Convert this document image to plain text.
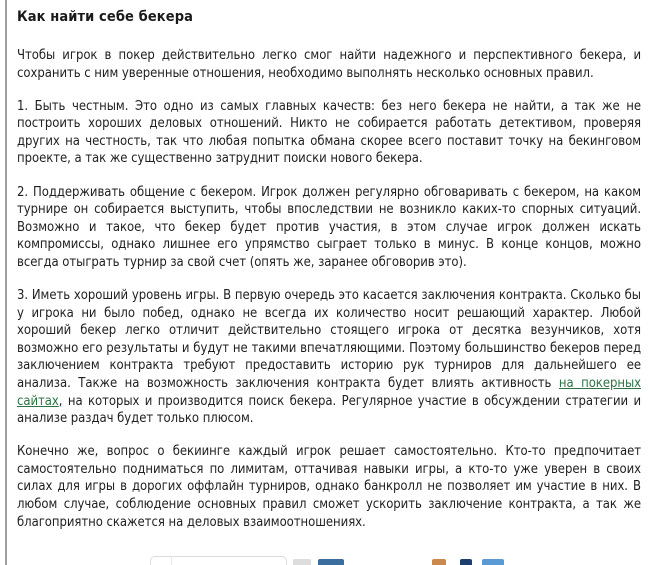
Как найти себе бекера

Чтобы игрок в покер действительно легко смог найти надежного и перспективного бекера, и сохранить с ним уверенные отношения, необходимо выполнять несколько основных правил.

1. Быть честным. Это одно из самых главных качеств: без него бекера не найти, а так же не построить хороших деловых отношений. Никто не собирается работать детективом, проверяя других на честность, так что любая попытка обмана скорее всего поставит точку на бекинговом проекте, а так же существенно затруднит поиски нового бекера.

2. Поддерживать общение с бекером. Игрок должен регулярно обговаривать с бекером, на каком турнире он собирается выступить, чтобы впоследствии не возникло каких-то спорных ситуаций. Возможно и такое, что бекер будет против участия, в этом случае игрок должен искать компромиссы, однако лишнее его упрямство сыграет только в минус. В конце концов, можно всегда отыграть турнир за свой счет (опять же, заранее обговорив это).

3. Иметь хороший уровень игры. В первую очередь это касается заключения контракта. Сколько бы у игрока ни было побед, однако не всегда их количество носит решающий характер. Любой хороший бекер легко отличит действительно стоящего игрока от десятка везунчиков, хотя возможно его результаты и будут не такими впечатляющими. Поэтому большинство бекеров перед заключением контракта требуют предоставить историю рук турниров для дальнейшего ее анализа. Также на возможность заключения контракта будет влиять активность на покерных сайтах, на которых и производится поиск бекера. Регулярное участие в обсуждении стратегии и анализе раздач будет только плюсом.

Конечно же, вопрос о бекиинге каждый игрок решает самостоятельно. Кто-то предпочитает самостоятельно подниматься по лимитам, оттачивая навыки игры, а кто-то уже уверен в своих силах для игры в дорогих оффлайн турниров, однако банкролл не позволяет им участие в них. В любом случае, соблюдение основных правил сможет ускорить заключение контракта, а так же благоприятно скажется на деловых взаимоотношениях.
